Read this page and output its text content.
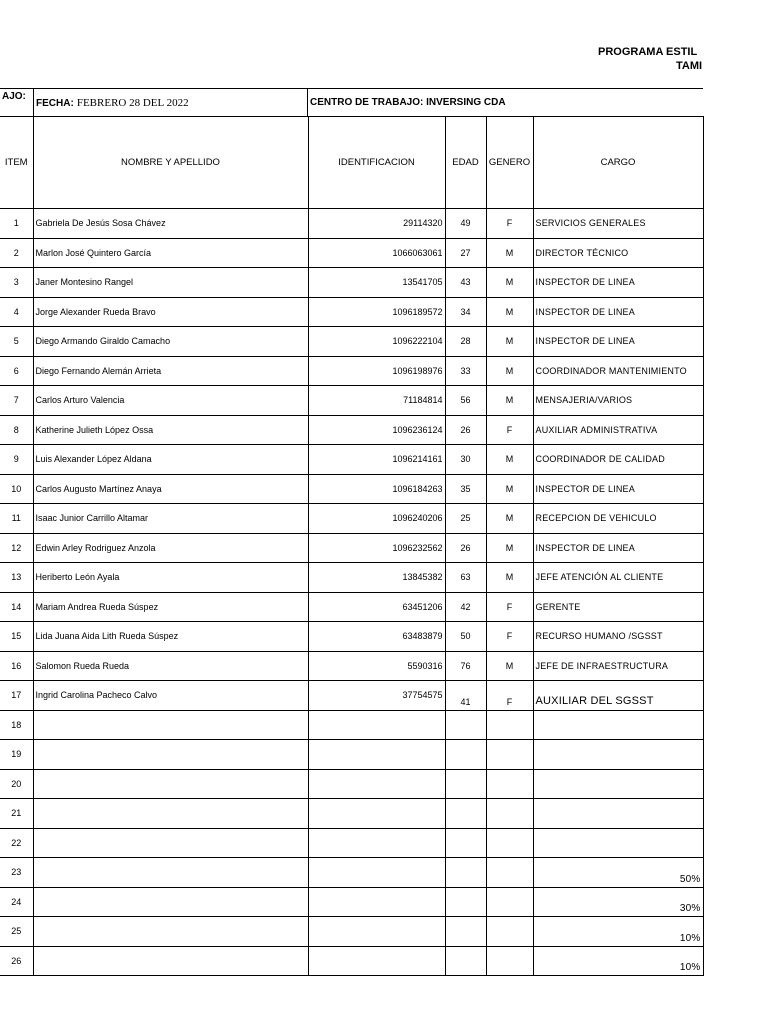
PROGRAMA ESTIL
TAMI
AJO:
FECHA: FEBRERO 28 DEL 2022	CENTRO DE TRABAJO: INVERSING CDA
ITEM	NOMBRE Y APELLIDO	IDENTIFICACION	EDAD	GENERO	CARGO
1	Gabriela De Jesús Sosa Chávez	29114320	49	F	SERVICIOS GENERALES
2	Marlon José Quintero García	1066063061	27	M	DIRECTOR TÉCNICO
3	Janer Montesino Rangel	13541705	43	M	INSPECTOR DE LINEA
4	Jorge Alexander Rueda Bravo	1096189572	34	M	INSPECTOR DE LINEA
5	Diego Armando Giraldo Camacho	1096222104	28	M	INSPECTOR DE LINEA
6	Diego Fernando Alemán Arrieta	1096198976	33	M	COORDINADOR MANTENIMIENTO
7	Carlos Arturo Valencia	71184814	56	M	MENSAJERIA/VARIOS
8	Katherine Julieth López Ossa	1096236124	26	F	AUXILIAR ADMINISTRATIVA
9	Luis Alexander López Aldana	1096214161	30	M	COORDINADOR DE CALIDAD
10	Carlos Augusto Martínez Anaya	1096184263	35	M	INSPECTOR DE LINEA
11	Isaac Junior Carrillo Altamar	1096240206	25	M	RECEPCION DE VEHICULO
12	Edwin Arley Rodriguez Anzola	1096232562	26	M	INSPECTOR DE LINEA
13	Heriberto León Ayala	13845382	63	M	JEFE ATENCIÓN AL CLIENTE
14	Mariam Andrea Rueda Súspez	63451206	42	F	GERENTE
15	Lida Juana Aida Lith Rueda Súspez	63483879	50	F	RECURSO HUMANO /SGSST
16	Salomon Rueda Rueda	5590316	76	M	JEFE DE INFRAESTRUCTURA
17	Ingrid Carolina Pacheco Calvo	37754575	41	F	AUXILIAR DEL SGSST
18					
19					
20					
21					
22					
23					50%
24					30%
25					10%
26					10%
